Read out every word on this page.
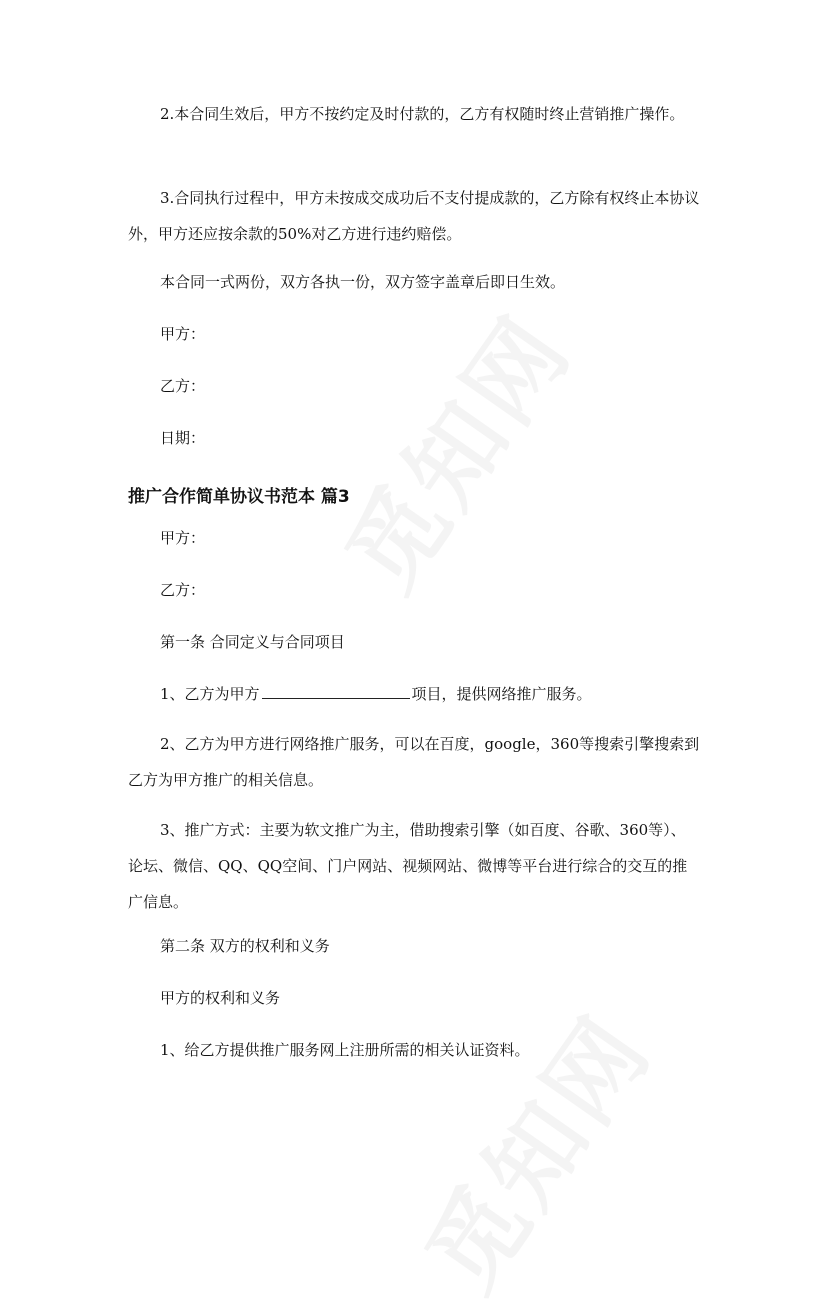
2.本合同生效后，甲方不按约定及时付款的，乙方有权随时终止营销推广操作。

3.合同执行过程中，甲方未按成交成功后不支付提成款的，乙方除有权终止本协议外，甲方还应按余款的50%对乙方进行违约赔偿。

本合同一式两份，双方各执一份，双方签字盖章后即日生效。

甲方：

乙方：

日期：

推广合作简单协议书范本 篇3

甲方：

乙方：

第一条 合同定义与合同项目

1、乙方为甲方	项目，提供网络推广服务。

2、乙方为甲方进行网络推广服务，可以在百度，google，360等搜索引擎搜索到乙方为甲方推广的相关信息。

3、推广方式：主要为软文推广为主，借助搜索引擎（如百度、谷歌、360等）、论坛、微信、QQ、QQ空间、门户网站、视频网站、微博等平台进行综合的交互的推广信息。

第二条 双方的权利和义务

甲方的权利和义务

1、给乙方提供推广服务网上注册所需的相关认证资料。
